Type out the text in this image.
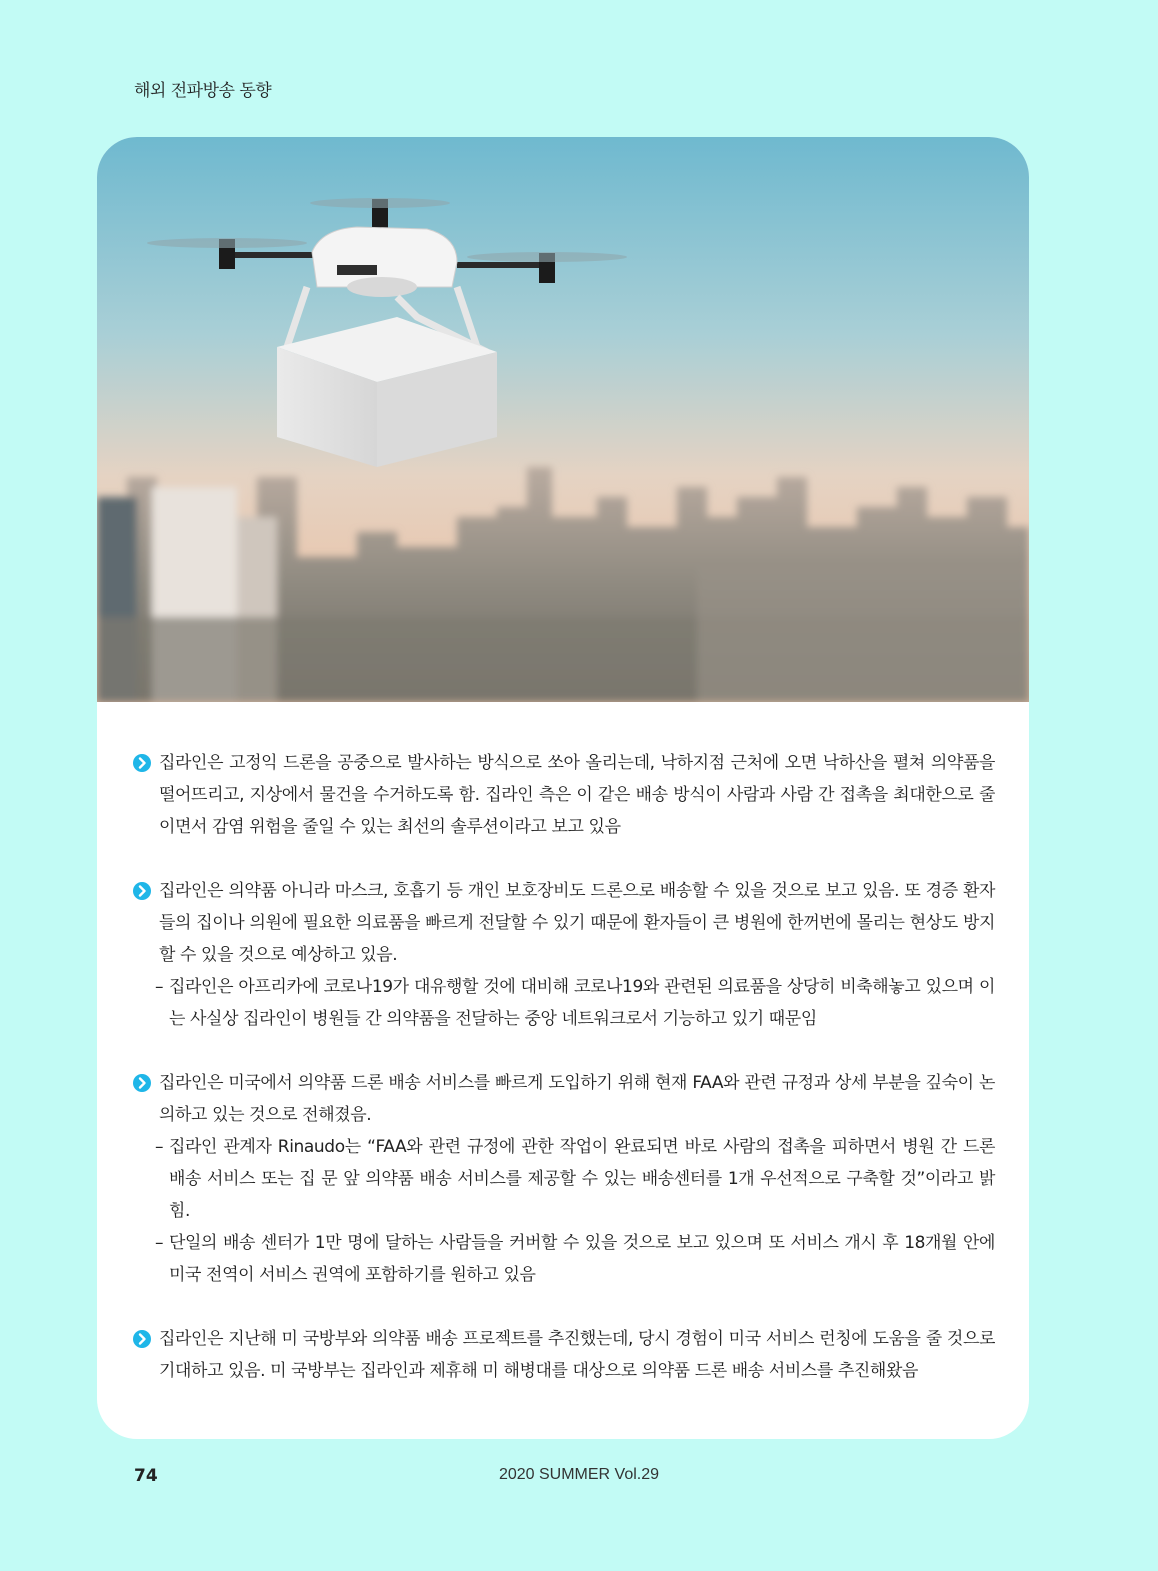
해외 전파방송 동향

집라인은 고정익 드론을 공중으로 발사하는 방식으로 쏘아 올리는데, 낙하지점 근처에 오면 낙하산을 펼쳐 의약품을 떨어뜨리고, 지상에서 물건을 수거하도록 함. 집라인 측은 이 같은 배송 방식이 사람과 사람 간 접촉을 최대한으로 줄이면서 감염 위험을 줄일 수 있는 최선의 솔루션이라고 보고 있음

집라인은 의약품 아니라 마스크, 호흡기 등 개인 보호장비도 드론으로 배송할 수 있을 것으로 보고 있음. 또 경증 환자들의 집이나 의원에 필요한 의료품을 빠르게 전달할 수 있기 때문에 환자들이 큰 병원에 한꺼번에 몰리는 현상도 방지할 수 있을 것으로 예상하고 있음.

– 집라인은 아프리카에 코로나19가 대유행할 것에 대비해 코로나19와 관련된 의료품을 상당히 비축해놓고 있으며 이는 사실상 집라인이 병원들 간 의약품을 전달하는 중앙 네트워크로서 기능하고 있기 때문임

집라인은 미국에서 의약품 드론 배송 서비스를 빠르게 도입하기 위해 현재 FAA와 관련 규정과 상세 부분을 깊숙이 논의하고 있는 것으로 전해졌음.

– 집라인 관계자 Rinaudo는 “FAA와 관련 규정에 관한 작업이 완료되면 바로 사람의 접촉을 피하면서 병원 간 드론 배송 서비스 또는 집 문 앞 의약품 배송 서비스를 제공할 수 있는 배송센터를 1개 우선적으로 구축할 것”이라고 밝힘.

– 단일의 배송 센터가 1만 명에 달하는 사람들을 커버할 수 있을 것으로 보고 있으며 또 서비스 개시 후 18개월 안에 미국 전역이 서비스 권역에 포함하기를 원하고 있음

집라인은 지난해 미 국방부와 의약품 배송 프로젝트를 추진했는데, 당시 경험이 미국 서비스 런칭에 도움을 줄 것으로 기대하고 있음. 미 국방부는 집라인과 제휴해 미 해병대를 대상으로 의약품 드론 배송 서비스를 추진해왔음

74	2020 SUMMER Vol.29
